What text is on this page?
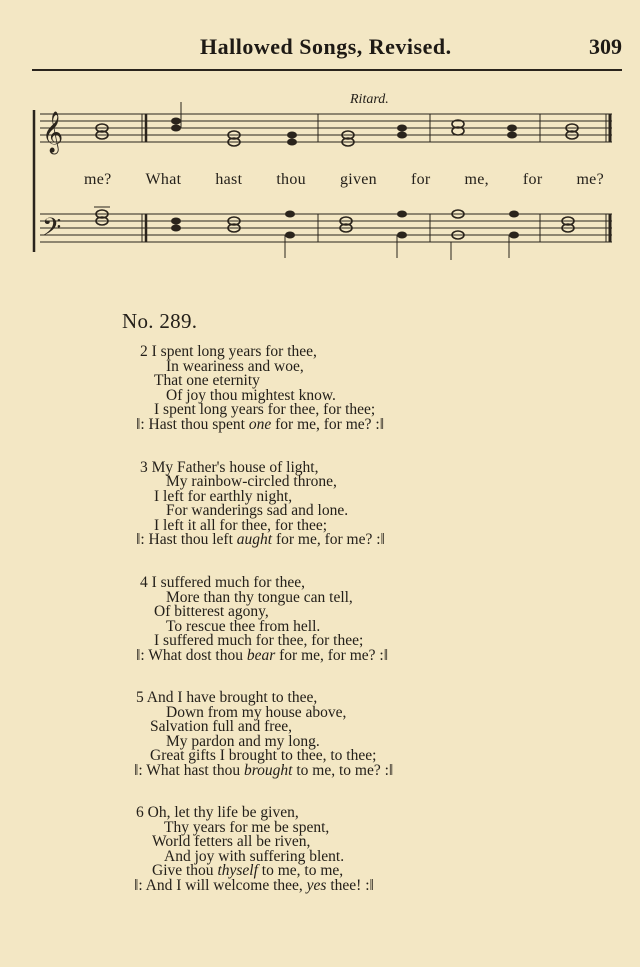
Hallowed Songs, Revised.	309
Ritard.
𝄞
𝄢
me? What hast thou given for me, for me?
No. 289.
2 I spent long years for thee,
In weariness and woe,
That one eternity
Of joy thou mightest know.
I spent long years for thee, for thee;
‖: Hast thou spent one for me, for me? :‖
3 My Father's house of light,
My rainbow-circled throne,
I left for earthly night,
For wanderings sad and lone.
I left it all for thee, for thee;
‖: Hast thou left aught for me, for me? :‖
4 I suffered much for thee,
More than thy tongue can tell,
Of bitterest agony,
To rescue thee from hell.
I suffered much for thee, for thee;
‖: What dost thou bear for me, for me? :‖
5 And I have brought to thee,
Down from my house above,
Salvation full and free,
My pardon and my long.
Great gifts I brought to thee, to thee;
‖: What hast thou brought to me, to me? :‖
6 Oh, let thy life be given,
Thy years for me be spent,
World fetters all be riven,
And joy with suffering blent.
Give thou thyself to me, to me,
‖: And I will welcome thee, yes thee! :‖
